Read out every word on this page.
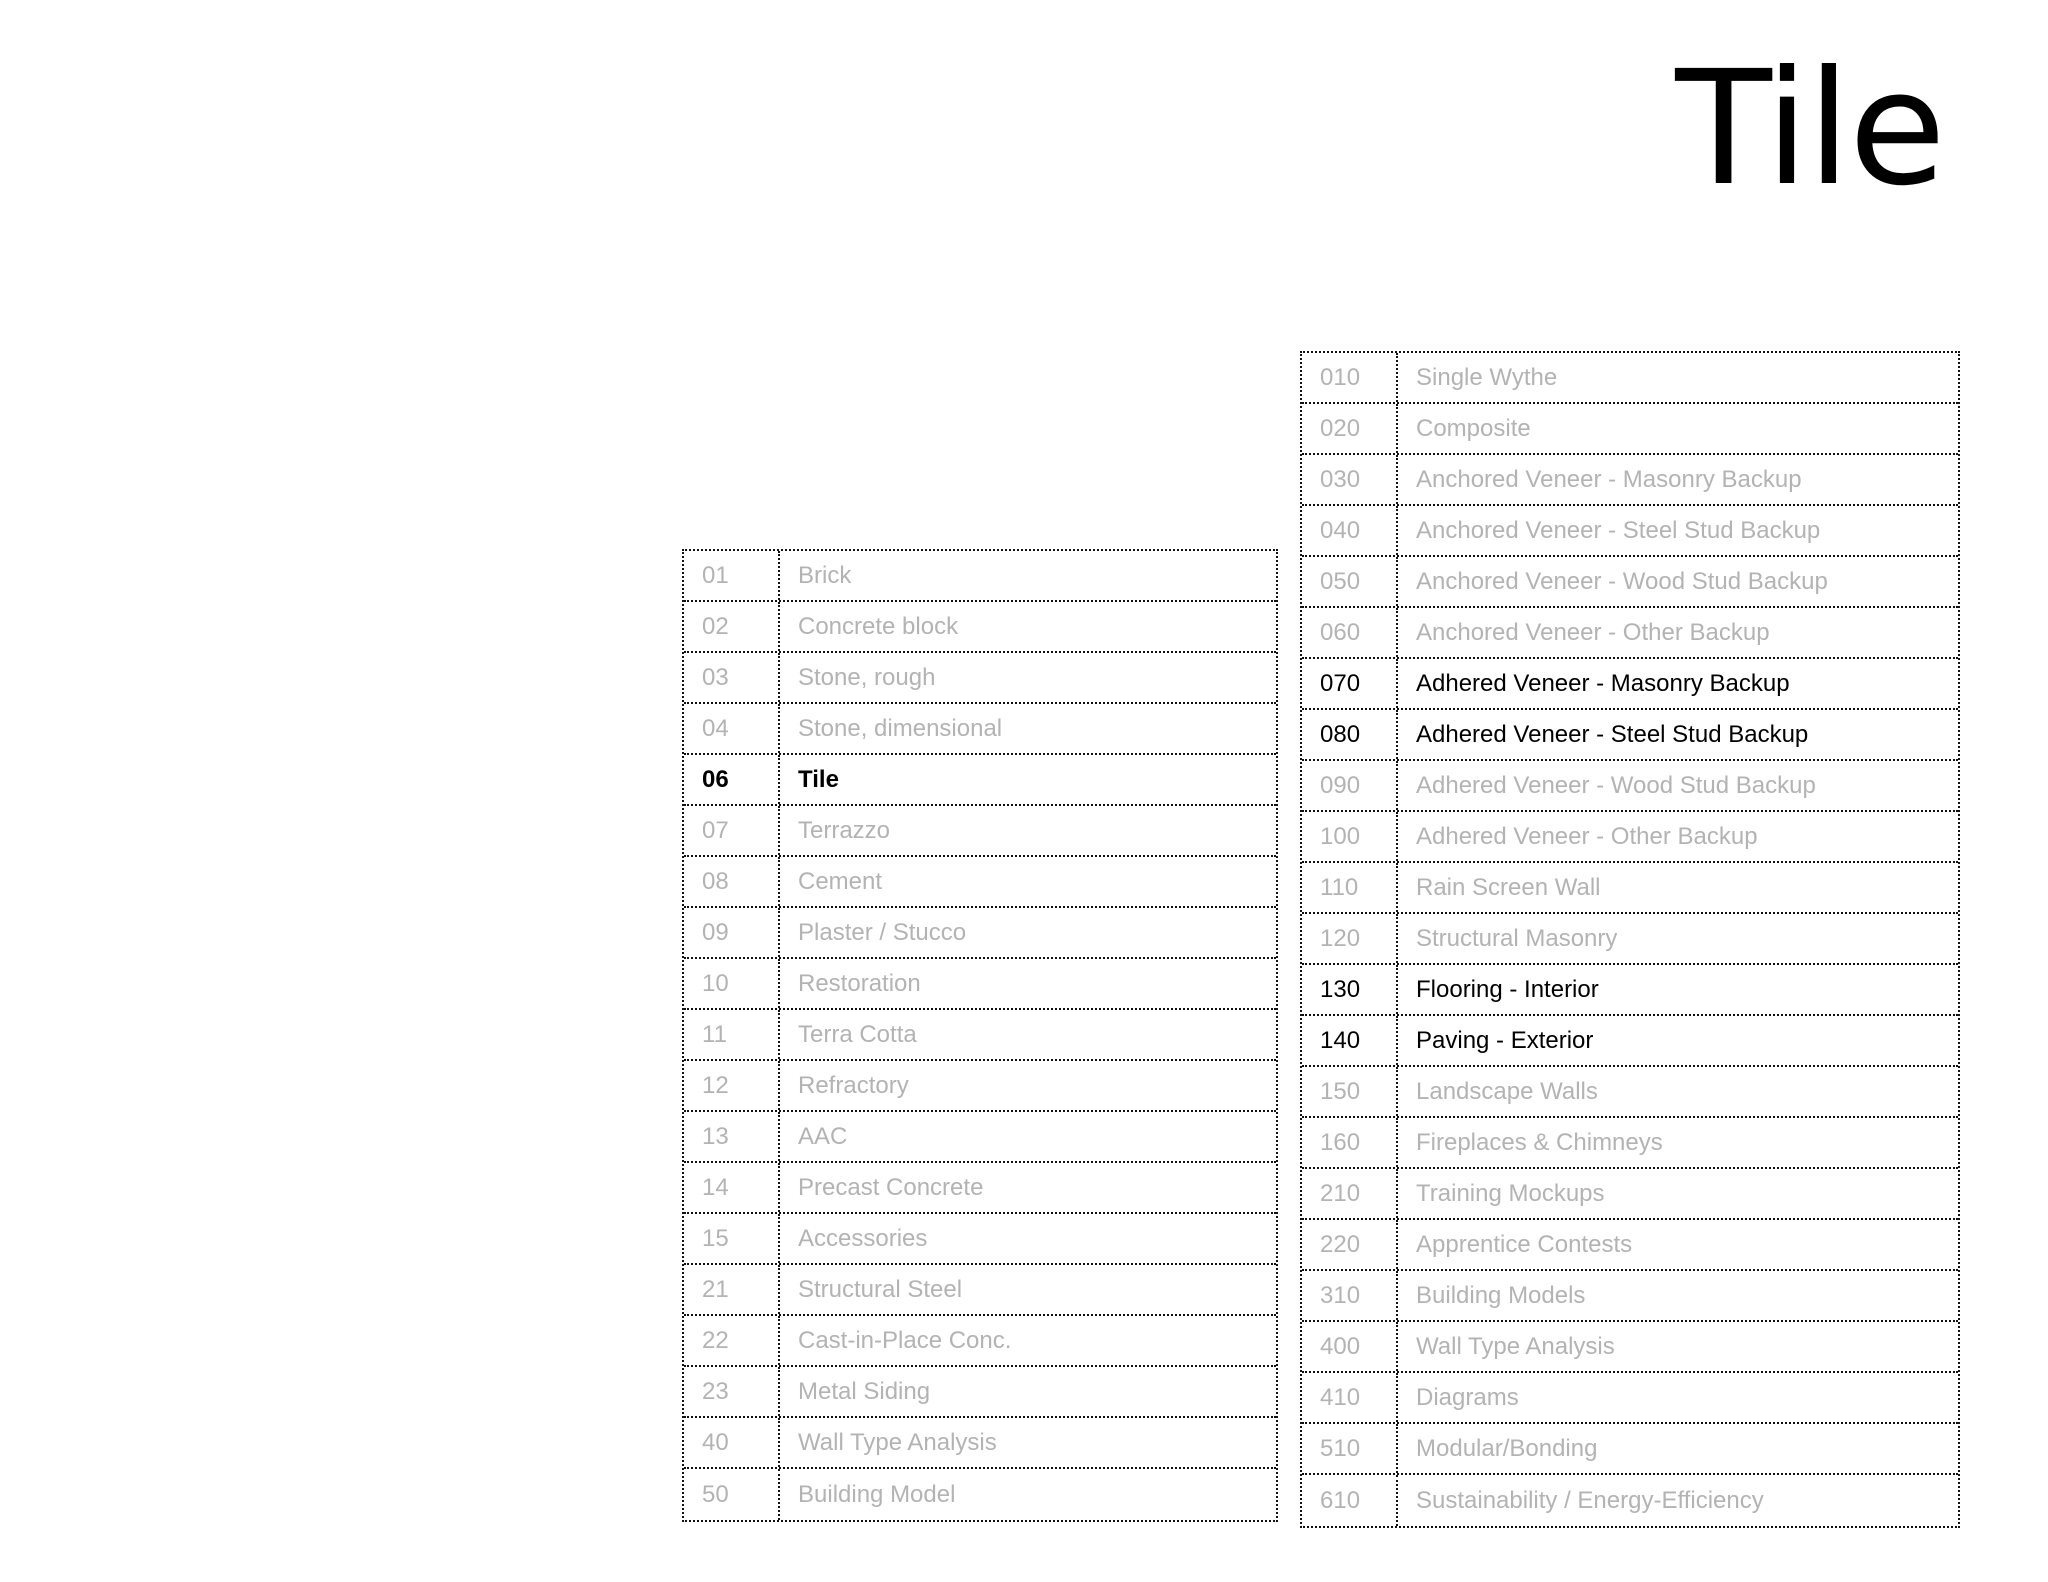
Tile
01	Brick
02	Concrete block
03	Stone, rough
04	Stone, dimensional
06	Tile
07	Terrazzo
08	Cement
09	Plaster / Stucco
10	Restoration
11	Terra Cotta
12	Refractory
13	AAC
14	Precast Concrete
15	Accessories
21	Structural Steel
22	Cast-in-Place Conc.
23	Metal Siding
40	Wall Type Analysis
50	Building Model
010	Single Wythe
020	Composite
030	Anchored Veneer - Masonry Backup
040	Anchored Veneer - Steel Stud Backup
050	Anchored Veneer - Wood Stud Backup
060	Anchored Veneer - Other Backup
070	Adhered Veneer - Masonry Backup
080	Adhered Veneer - Steel Stud Backup
090	Adhered Veneer - Wood Stud Backup
100	Adhered Veneer - Other Backup
110	Rain Screen Wall
120	Structural Masonry
130	Flooring - Interior
140	Paving - Exterior
150	Landscape Walls
160	Fireplaces & Chimneys
210	Training Mockups
220	Apprentice Contests
310	Building Models
400	Wall Type Analysis
410	Diagrams
510	Modular/Bonding
610	Sustainability / Energy-Efficiency
